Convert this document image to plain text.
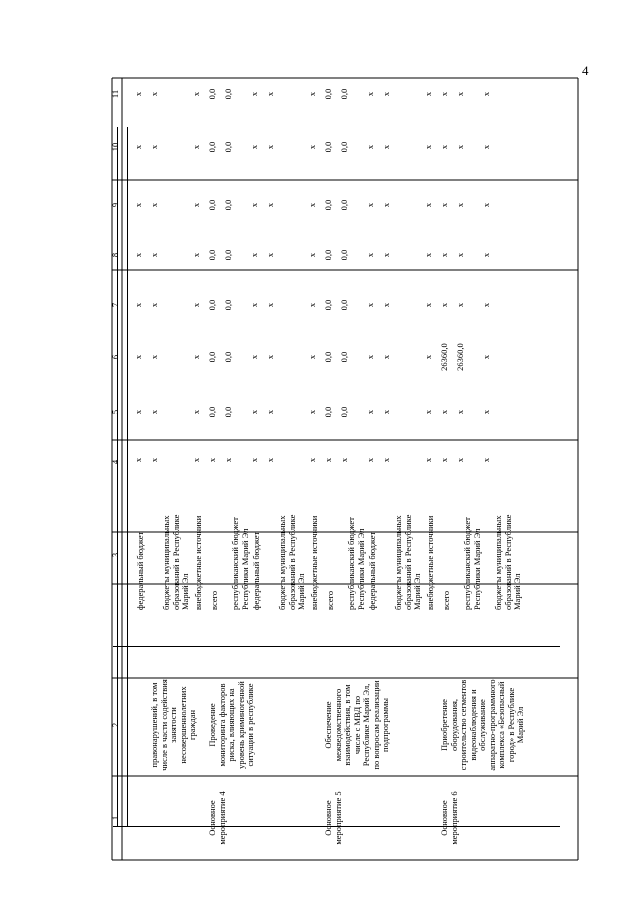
4
1
2
3
4
5
6
7
8
9
10
11
федеральный бюджет
х
х
х
х
х
х
х
х
бюджеты муниципальных образований в Республике Марий Эл
х
х
х
х
х
х
х
х
правонарушений, в том числе в части содействия занятости несовершеннолетних граждан
внебюджетные источники
х
х
х
х
х
х
х
х
всего
х
0,0
0,0
0,0
0,0
0,0
0,0
0,0
республиканский бюджет Республики Марий Эл
х
0,0
0,0
0,0
0,0
0,0
0,0
0,0
федеральный бюджет
х
х
х
х
х
х
х
х
бюджеты муниципальных образований в Республике Марий Эл
х
х
х
х
х
х
х
х
Проведение мониторинга факторов риска, влияющих на уровень криминогенной ситуации в республике
Основное мероприятие 4
внебюджетные источники
х
х
х
х
х
х
х
х
всего
х
0,0
0,0
0,0
0,0
0,0
0,0
0,0
республиканский бюджет Республики Марий Эл
х
0,0
0,0
0,0
0,0
0,0
0,0
0,0
федеральный бюджет
х
х
х
х
х
х
х
х
бюджеты муниципальных образований в Республике Марий Эл
х
х
х
х
х
х
х
х
Обеспечение межведомственного взаимодействия, в том числе с МВД по Республике Марий Эл, по вопросам реализации подпрограммы
Основное мероприятие 5
внебюджетные источники
х
х
х
х
х
х
х
х
всего
х
х
26360,0
х
х
х
х
х
республиканский бюджет Республики Марий Эл
х
х
26360,0
х
х
х
х
х
бюджеты муниципальных образований в Республике Марий Эл
х
х
х
х
х
х
х
х
Приобретение оборудования, строительство сегментов видеонаблюдения и обслуживание аппаратно-программного комплекса «Безопасный город» в Республике Марий Эл
Основное мероприятие 6
